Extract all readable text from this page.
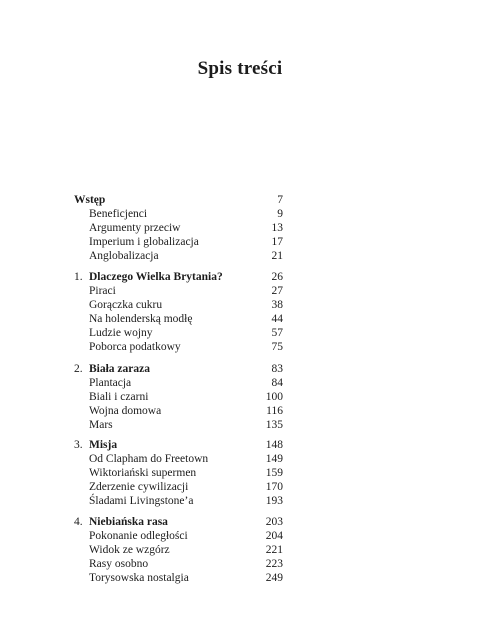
Spis treści
Wstęp	7
Beneficjenci	9
Argumenty przeciw	13
Imperium i globalizacja	17
Anglobalizacja	21
1. Dlaczego Wielka Brytania?	26
Piraci	27
Gorączka cukru	38
Na holenderską modłę	44
Ludzie wojny	57
Poborca podatkowy	75
2. Biała zaraza	83
Plantacja	84
Biali i czarni	100
Wojna domowa	116
Mars	135
3. Misja	148
Od Clapham do Freetown	149
Wiktoriański supermen	159
Zderzenie cywilizacji	170
Śladami Livingstone’a	193
4. Niebiańska rasa	203
Pokonanie odległości	204
Widok ze wzgórz	221
Rasy osobno	223
Torysowska nostalgia	249
